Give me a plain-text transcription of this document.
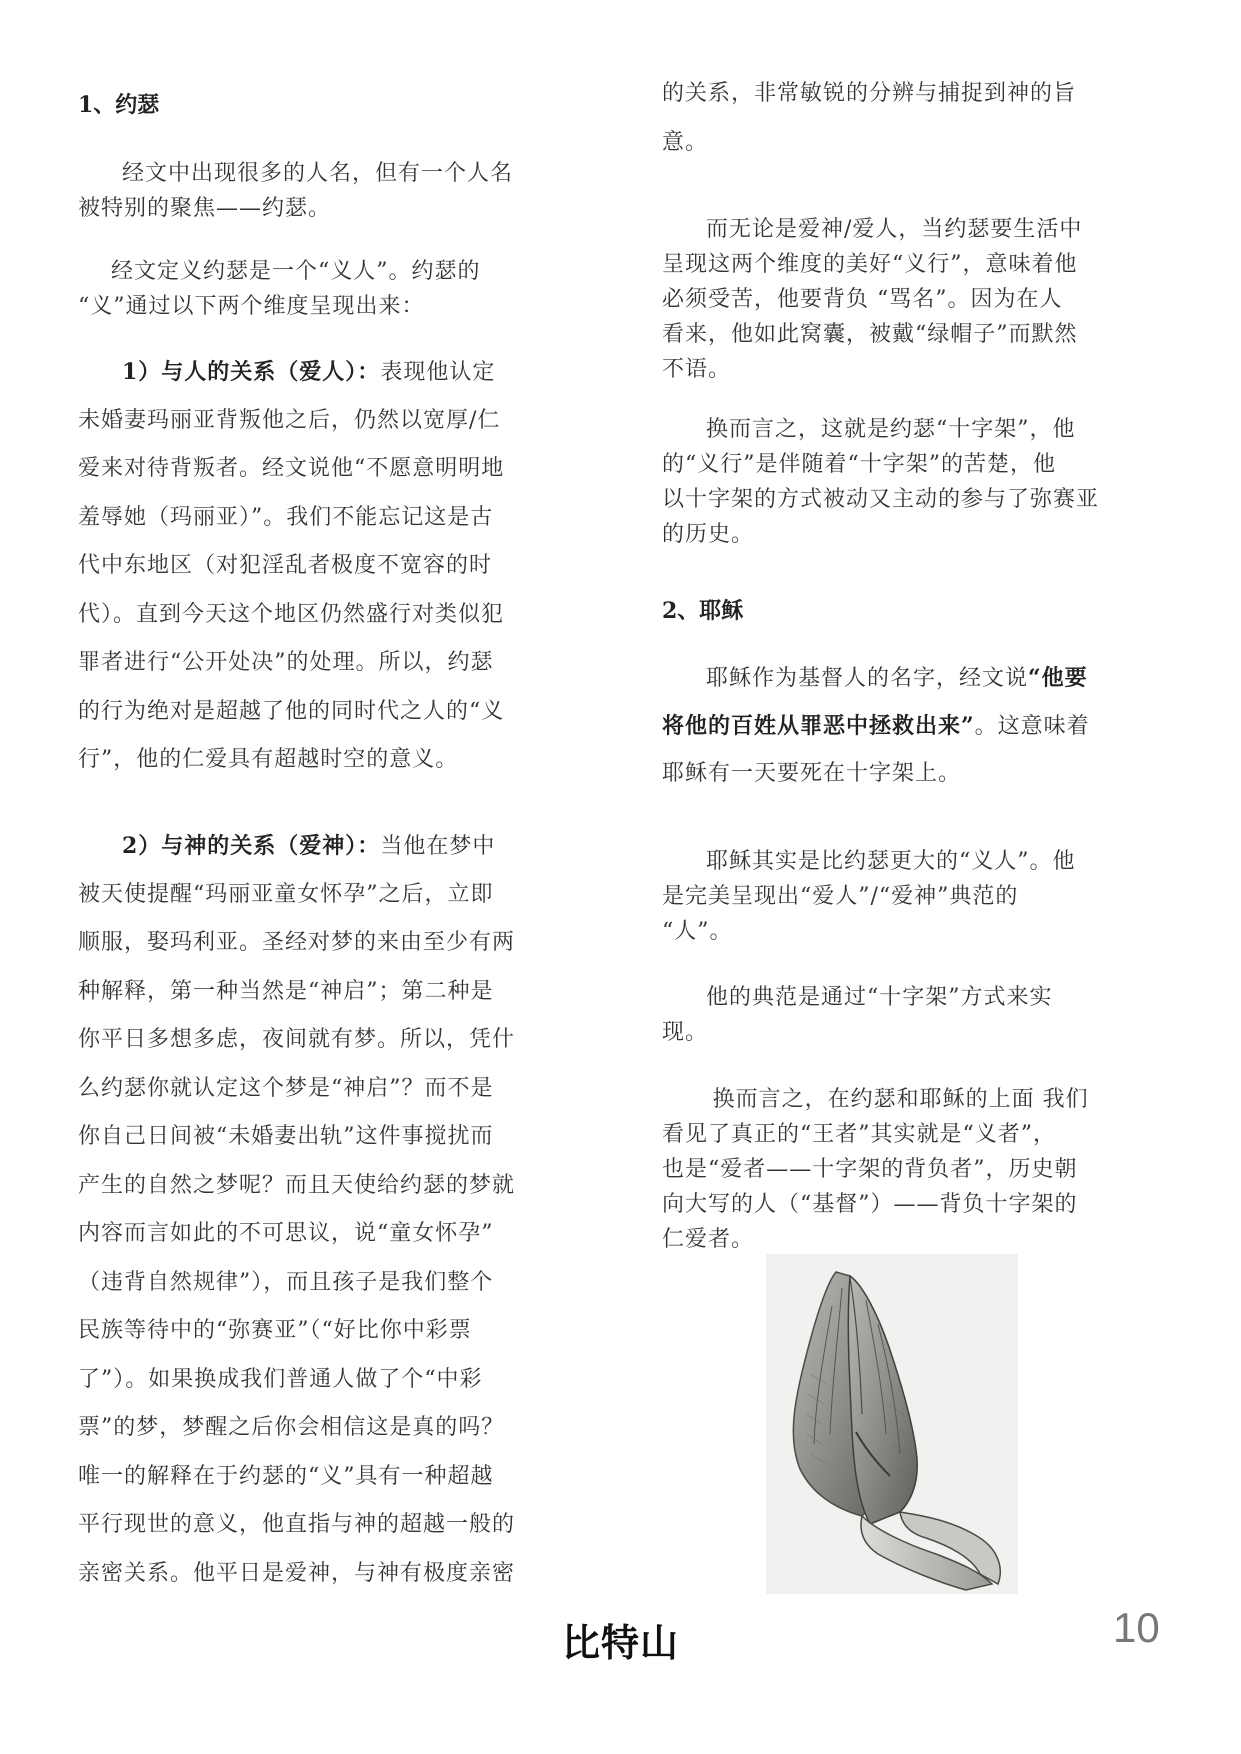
1、约瑟

经文中出现很多的人名，但有一个人名
被特别的聚焦——约瑟。

经文定义约瑟是一个“义人”。约瑟的
“义”通过以下两个维度呈现出来：

1）与人的关系（爱人）：表现他认定
未婚妻玛丽亚背叛他之后，仍然以宽厚/仁
爱来对待背叛者。经文说他“不愿意明明地
羞辱她（玛丽亚）”。我们不能忘记这是古
代中东地区（对犯淫乱者极度不宽容的时
代）。直到今天这个地区仍然盛行对类似犯
罪者进行“公开处决”的处理。所以，约瑟
的行为绝对是超越了他的同时代之人的“义
行”，他的仁爱具有超越时空的意义。

2）与神的关系（爱神）：当他在梦中
被天使提醒“玛丽亚童女怀孕”之后，立即
顺服，娶玛利亚。圣经对梦的来由至少有两
种解释，第一种当然是“神启”；第二种是
你平日多想多虑，夜间就有梦。所以，凭什
么约瑟你就认定这个梦是“神启”？而不是
你自己日间被“未婚妻出轨”这件事搅扰而
产生的自然之梦呢？而且天使给约瑟的梦就
内容而言如此的不可思议，说“童女怀孕”
（违背自然规律”），而且孩子是我们整个
民族等待中的“弥赛亚”（“好比你中彩票
了”）。如果换成我们普通人做了个“中彩
票”的梦，梦醒之后你会相信这是真的吗？
唯一的解释在于约瑟的“义”具有一种超越
平行现世的意义，他直指与神的超越一般的
亲密关系。他平日是爱神，与神有极度亲密

的关系，非常敏锐的分辨与捕捉到神的旨
意。

而无论是爱神/爱人，当约瑟要生活中
呈现这两个维度的美好“义行”，意味着他
必须受苦，他要背负 “骂名”。因为在人
看来，他如此窝囊，被戴“绿帽子”而默然
不语。

换而言之，这就是约瑟“十字架”，他
的“义行”是伴随着“十字架”的苦楚，他
以十字架的方式被动又主动的参与了弥赛亚
的历史。

2、耶稣

耶稣作为基督人的名字，经文说“他要
将他的百姓从罪恶中拯救出来”。这意味着
耶稣有一天要死在十字架上。

耶稣其实是比约瑟更大的“义人”。他
是完美呈现出“爱人”/“爱神”典范的
“人”。

他的典范是通过“十字架”方式来实
现。

换而言之，在约瑟和耶稣的上面 我们
看见了真正的“王者”其实就是“义者”，
也是“爱者——十字架的背负者”，历史朝
向大写的人（“基督”）——背负十字架的
仁爱者。

比特山	10
